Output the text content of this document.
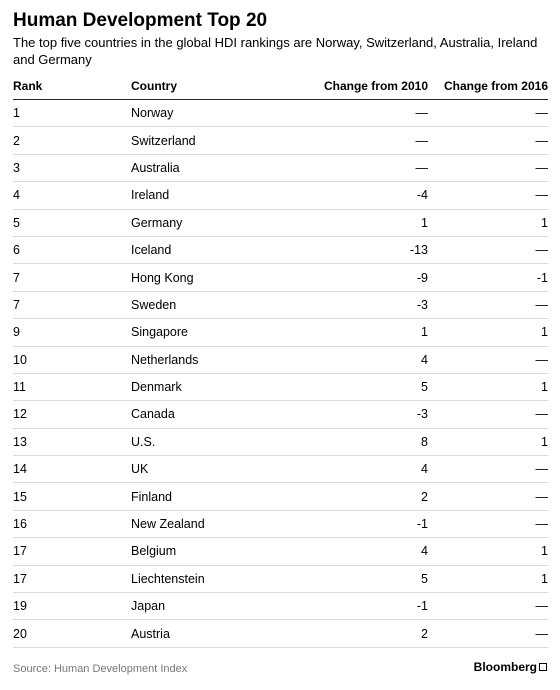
Human Development Top 20
The top five countries in the global HDI rankings are Norway, Switzerland, Australia, Ireland and Germany
Rank	Country	Change from 2010	Change from 2016
1	Norway	—	—
2	Switzerland	—	—
3	Australia	—	—
4	Ireland	-4	—
5	Germany	1	1
6	Iceland	-13	—
7	Hong Kong	-9	-1
7	Sweden	-3	—
9	Singapore	1	1
10	Netherlands	4	—
11	Denmark	5	1
12	Canada	-3	—
13	U.S.	8	1
14	UK	4	—
15	Finland	2	—
16	New Zealand	-1	—
17	Belgium	4	1
17	Liechtenstein	5	1
19	Japan	-1	—
20	Austria	2	—
Source: Human Development Index	Bloomberg
